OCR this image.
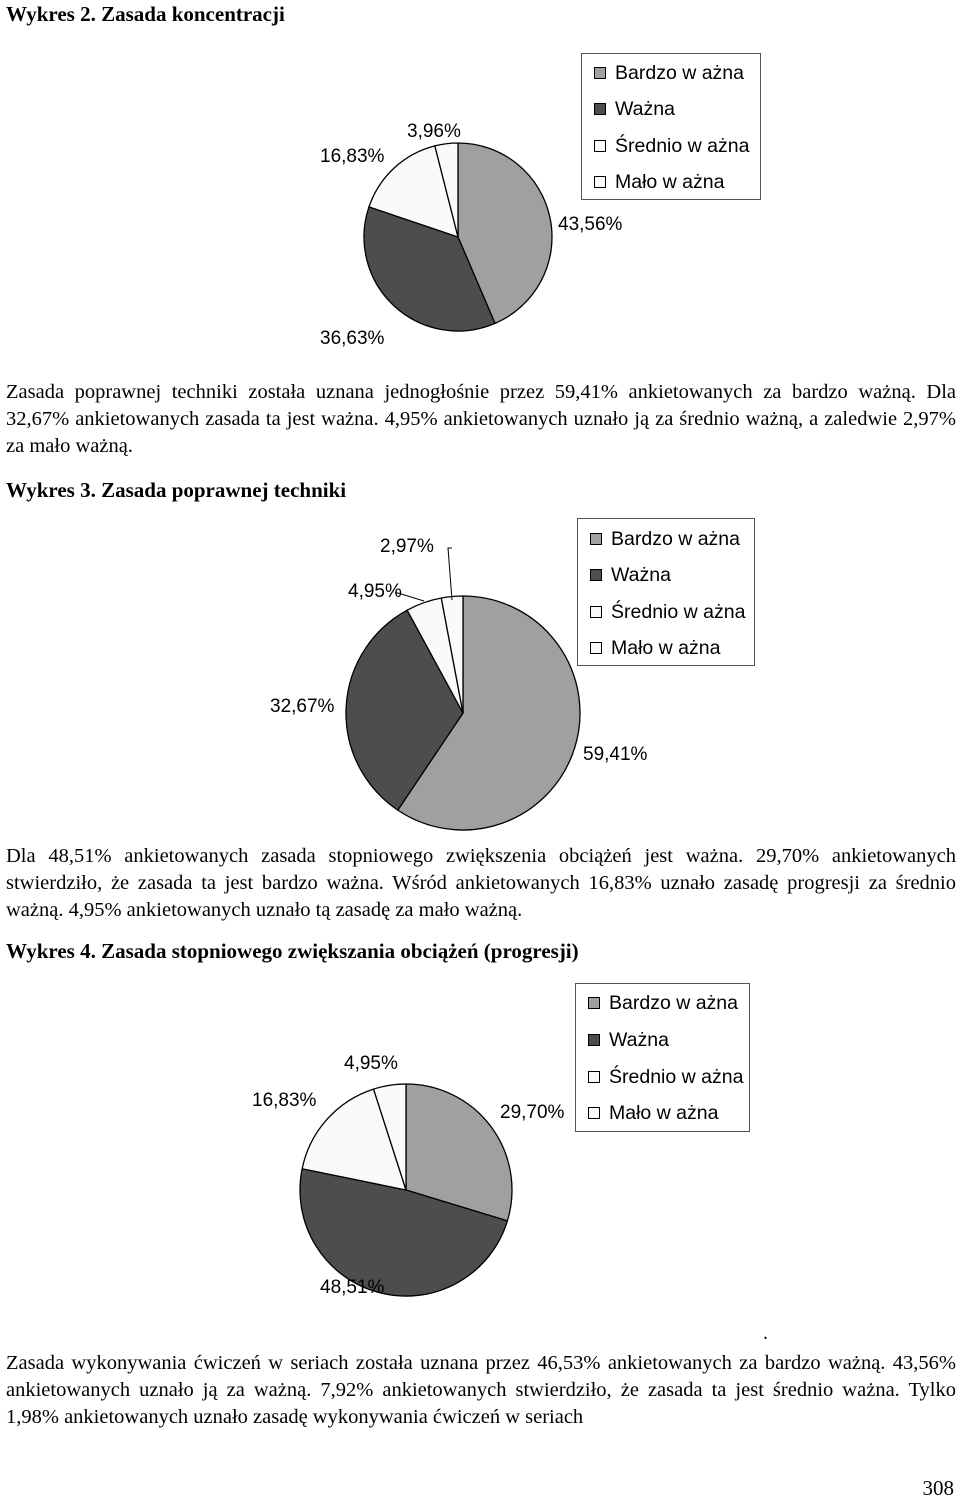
Wykres 2. Zasada koncentracji
16,83%
3,96%
43,56%
36,63%
Bardzo w ażna
Ważna
Średnio w ażna
Mało w ażna

Zasada poprawnej techniki została uznana jednogłośnie przez 59,41% ankietowanych za bardzo ważną. Dla 32,67% ankietowanych zasada ta jest ważna. 4,95% ankietowanych uznało ją za średnio ważną, a zaledwie 2,97% za mało ważną.

Wykres 3. Zasada poprawnej techniki
2,97%
4,95%
32,67%
59,41%
Bardzo w ażna
Ważna
Średnio w ażna
Mało w ażna

Dla 48,51% ankietowanych zasada stopniowego zwiększenia obciążeń jest ważna. 29,70% ankietowanych stwierdziło, że zasada ta jest bardzo ważna. Wśród ankietowanych 16,83% uznało zasadę progresji za średnio ważną. 4,95% ankietowanych uznało tą zasadę za mało ważną.

Wykres 4. Zasada stopniowego zwiększania obciążeń (progresji)
4,95%
16,83%
29,70%
48,51%
Bardzo w ażna
Ważna
Średnio w ażna
Mało w ażna
.

Zasada wykonywania ćwiczeń w seriach została uznana przez 46,53% ankietowanych za bardzo ważną. 43,56% ankietowanych uznało ją za ważną. 7,92% ankietowanych stwierdziło, że zasada ta jest średnio ważna. Tylko 1,98% ankietowanych uznało zasadę wykonywania ćwiczeń w seriach

308
